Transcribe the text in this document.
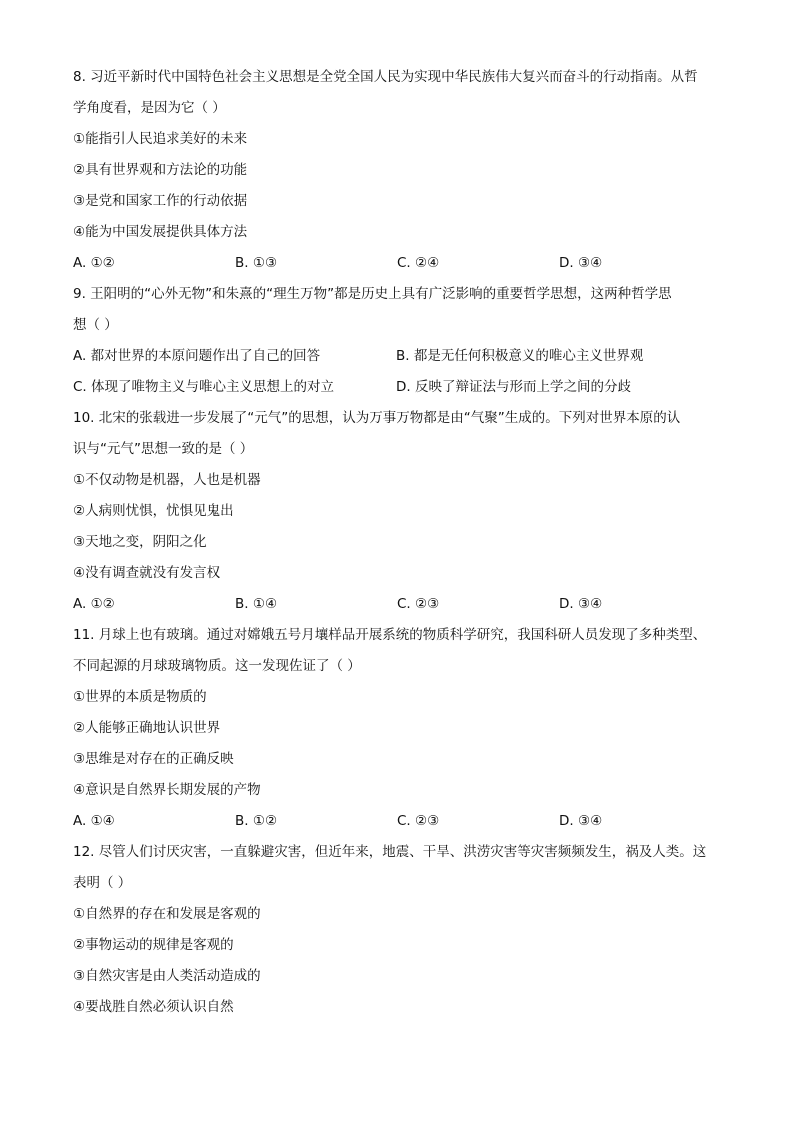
8. 习近平新时代中国特色社会主义思想是全党全国人民为实现中华民族伟大复兴而奋斗的行动指南。从哲
学角度看，是因为它（ ）
①能指引人民追求美好的未来
②具有世界观和方法论的功能
③是党和国家工作的行动依据
④能为中国发展提供具体方法
A. ①②	B. ①③	C. ②④	D. ③④
9. 王阳明的“心外无物”和朱熹的“理生万物”都是历史上具有广泛影响的重要哲学思想，这两种哲学思
想（ ）
A. 都对世界的本原问题作出了自己的回答	B. 都是无任何积极意义的唯心主义世界观
C. 体现了唯物主义与唯心主义思想上的对立	D. 反映了辩证法与形而上学之间的分歧
10. 北宋的张载进一步发展了“元气”的思想，认为万事万物都是由“气聚”生成的。下列对世界本原的认
识与“元气”思想一致的是（ ）
①不仅动物是机器，人也是机器
②人病则忧惧，忧惧见鬼出
③天地之变，阴阳之化
④没有调查就没有发言权
A. ①②	B. ①④	C. ②③	D. ③④
11. 月球上也有玻璃。通过对嫦娥五号月壤样品开展系统的物质科学研究，我国科研人员发现了多种类型、
不同起源的月球玻璃物质。这一发现佐证了（ ）
①世界的本质是物质的
②人能够正确地认识世界
③思维是对存在的正确反映
④意识是自然界长期发展的产物
A. ①④	B. ①②	C. ②③	D. ③④
12. 尽管人们讨厌灾害，一直躲避灾害，但近年来，地震、干旱、洪涝灾害等灾害频频发生，祸及人类。这
表明（ ）
①自然界的存在和发展是客观的
②事物运动的规律是客观的
③自然灾害是由人类活动造成的
④要战胜自然必须认识自然
